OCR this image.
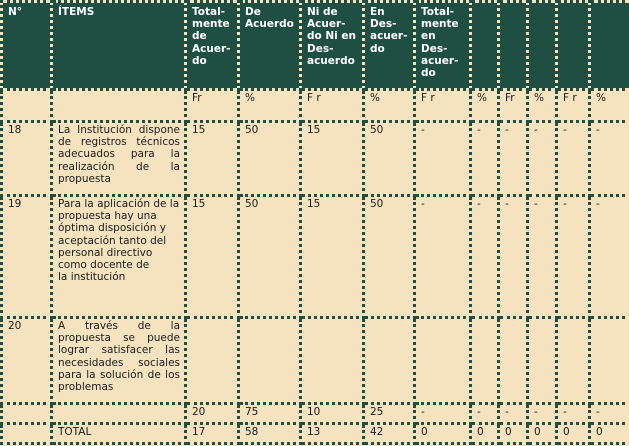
N°	ÍTEMS	Total-mente de Acuer-do	De Acuerdo	Ni de Acuer-do Ni en Des-acuerdo	En Des-acuer-do	Total-mente en Des-acuer-do					
		Fr	%	F r	%	F r	%	Fr	%	F r	%
18	La Institución dispone de registros técnicos adecuados para la realización de la propuesta	15	50	15	50	-	-	-	-	-	-
19	Para la aplicación de la propuesta hay una óptima disposición y aceptación tanto del
personal directivo como docente de
la institución	15	50	15	50	-	-	-	-	-	-
20	A través de la propuesta se puede lograr satisfacer las necesidades sociales para la solución de los problemas										
		20	75	10	25	-	-	-	-	-	-
	TOTAL	17	58	13	42	0	0	0	0	0	0
